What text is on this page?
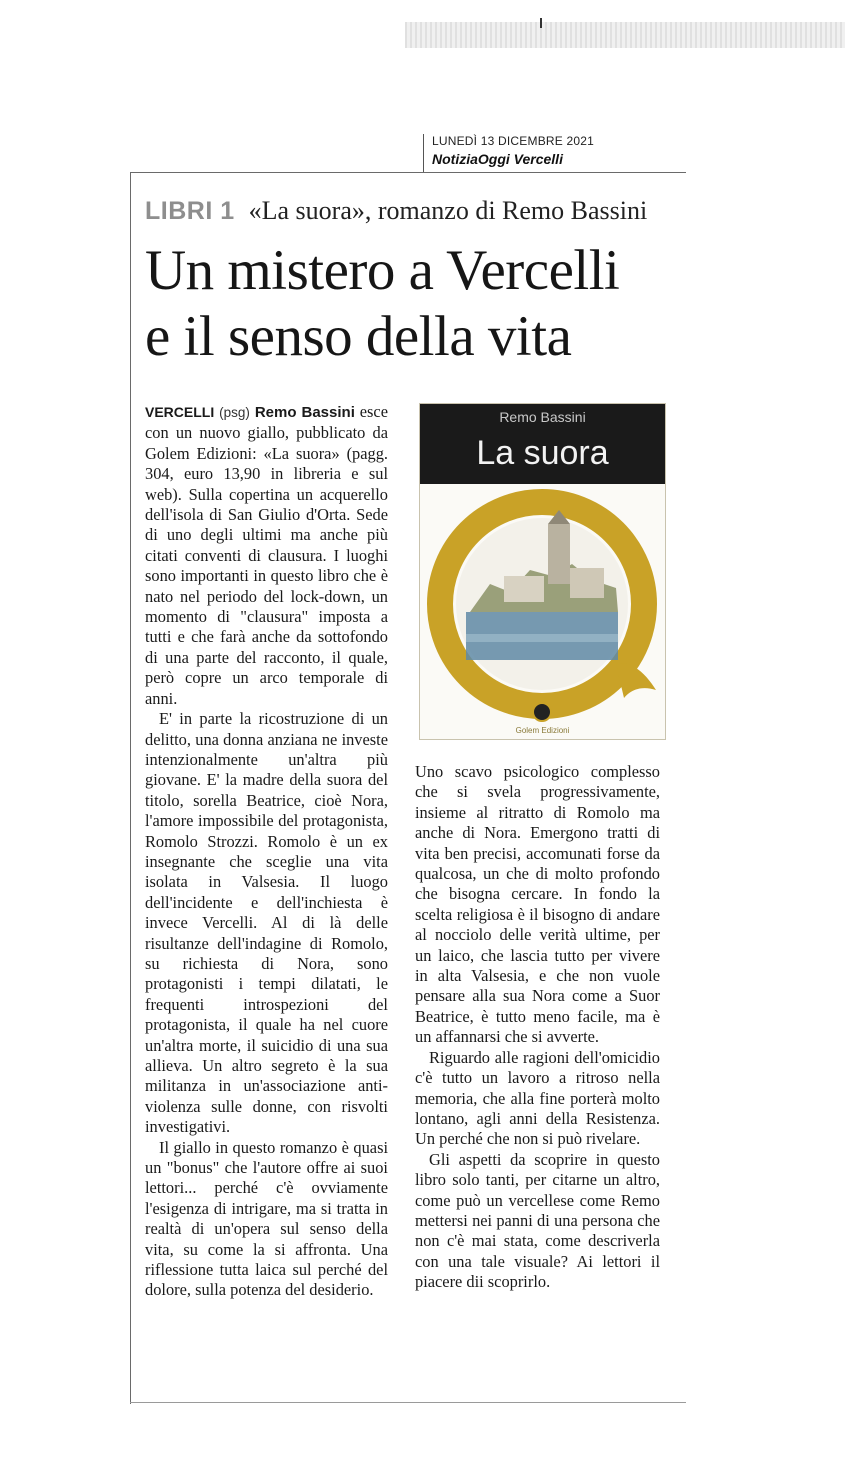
LUNEDÌ 13 DICEMBRE 2021
NotiziaOggi Vercelli
LIBRI 1 «La suora», romanzo di Remo Bassini
Un mistero a Vercelli
e il senso della vita

VERCELLI (psg) Remo Bassini esce con un nuovo giallo, pubblicato da Golem Edizioni: «La suora» (pagg. 304, euro 13,90 in libreria e sul web). Sulla copertina un acquerello dell'isola di San Giulio d'Orta. Sede di uno degli ultimi ma anche più citati conventi di clausura. I luoghi sono importanti in questo libro che è nato nel periodo del lock-down, un momento di "clausura" imposta a tutti e che farà anche da sottofondo di una parte del racconto, il quale, però copre un arco temporale di anni.

E' in parte la ricostruzione di un delitto, una donna anziana ne investe intenzionalmente un'altra più giovane. E' la madre della suora del titolo, sorella Beatrice, cioè Nora, l'amore impossibile del protagonista, Romolo Strozzi. Romolo è un ex insegnante che sceglie una vita isolata in Valsesia. Il luogo dell'incidente e dell'inchiesta è invece Vercelli. Al di là delle risultanze dell'indagine di Romolo, su richiesta di Nora, sono protagonisti i tempi dilatati, le frequenti introspezioni del protagonista, il quale ha nel cuore un'altra morte, il suicidio di una sua allieva. Un altro segreto è la sua militanza in un'associazione anti-violenza sulle donne, con risvolti investigativi.

Il giallo in questo romanzo è quasi un "bonus" che l'autore offre ai suoi lettori... perché c'è ovviamente l'esigenza di intrigare, ma si tratta in realtà di un'opera sul senso della vita, su come la si affronta. Una riflessione tutta laica sul perché del dolore, sulla potenza del desiderio.

Remo Bassini
La suora
Golem Edizioni

Uno scavo psicologico complesso che si svela progressivamente, insieme al ritratto di Romolo ma anche di Nora. Emergono tratti di vita ben precisi, accomunati forse da qualcosa, un che di molto profondo che bisogna cercare. In fondo la scelta religiosa è il bisogno di andare al nocciolo delle verità ultime, per un laico, che lascia tutto per vivere in alta Valsesia, e che non vuole pensare alla sua Nora come a Suor Beatrice, è tutto meno facile, ma è un affannarsi che si avverte.

Riguardo alle ragioni dell'omicidio c'è tutto un lavoro a ritroso nella memoria, che alla fine porterà molto lontano, agli anni della Resistenza. Un perché che non si può rivelare.

Gli aspetti da scoprire in questo libro solo tanti, per citarne un altro, come può un vercellese come Remo mettersi nei panni di una persona che non c'è mai stata, come descriverla con una tale visuale? Ai lettori il piacere dii scoprirlo.
